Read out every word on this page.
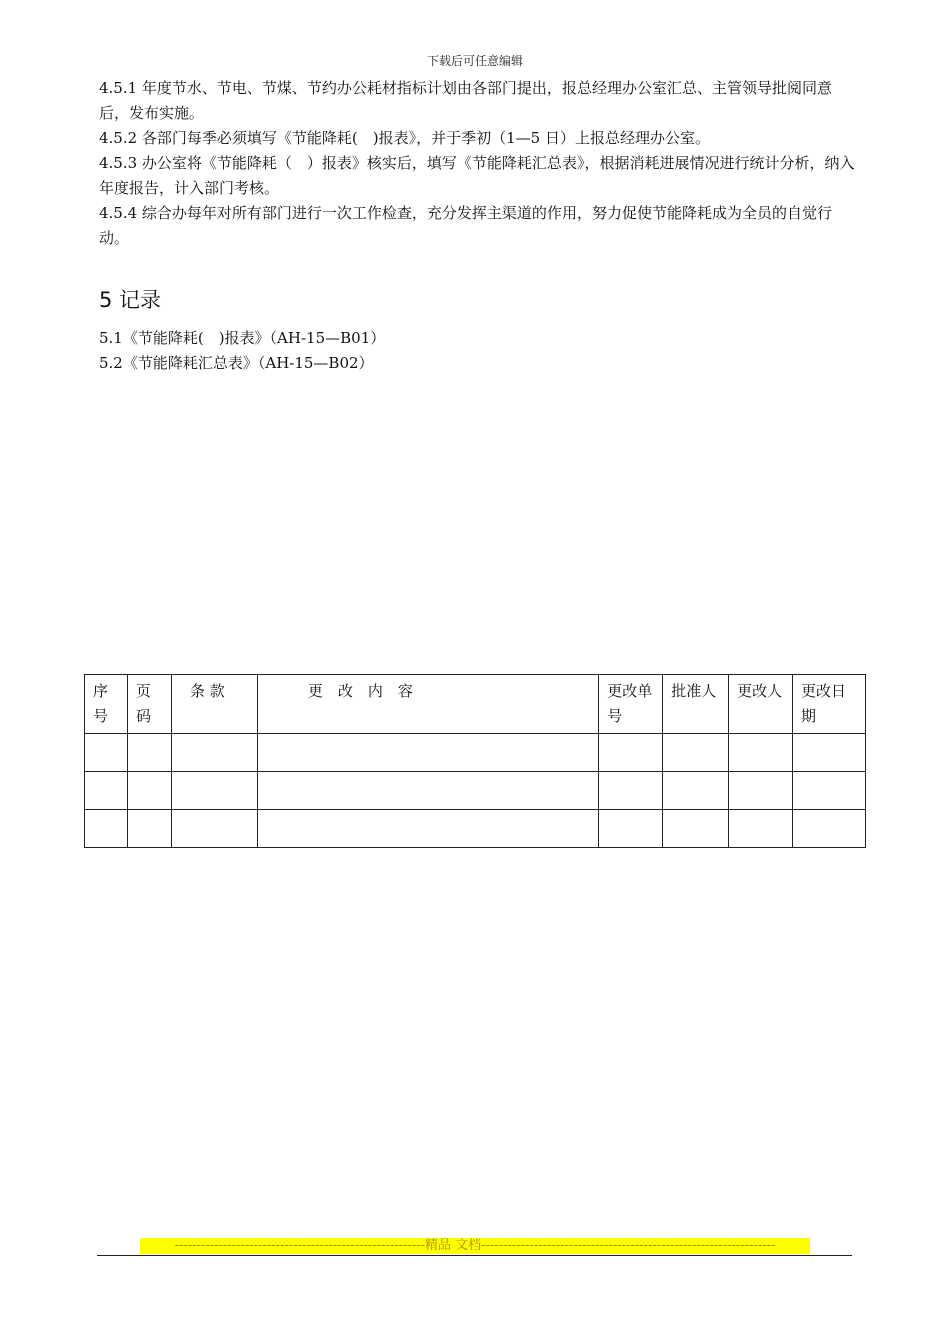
下载后可任意编辑

4.5.1 年度节水、节电、节煤、节约办公耗材指标计划由各部门提出，报总经理办公室汇总、主管领导批阅同意后，发布实施。

4.5.2 各部门每季必须填写《节能降耗(　)报表》，并于季初（1—5 日）上报总经理办公室。

4.5.3 办公室将《节能降耗（　）报表》核实后，填写《节能降耗汇总表》，根据消耗进展情况进行统计分析，纳入年度报告，计入部门考核。

4.5.4 综合办每年对所有部门进行一次工作检查，充分发挥主渠道的作用，努力促使节能降耗成为全员的自觉行动。

5 记录
5.1《节能降耗(　)报表》（AH-15—B01）
5.2《节能降耗汇总表》（AH-15—B02）
序号	页码	条 款	更　改　内　容	更改单号	批准人	更改人	更改日期

---------------------------------------------------------精品 文档-------------------------------------------------------------------
